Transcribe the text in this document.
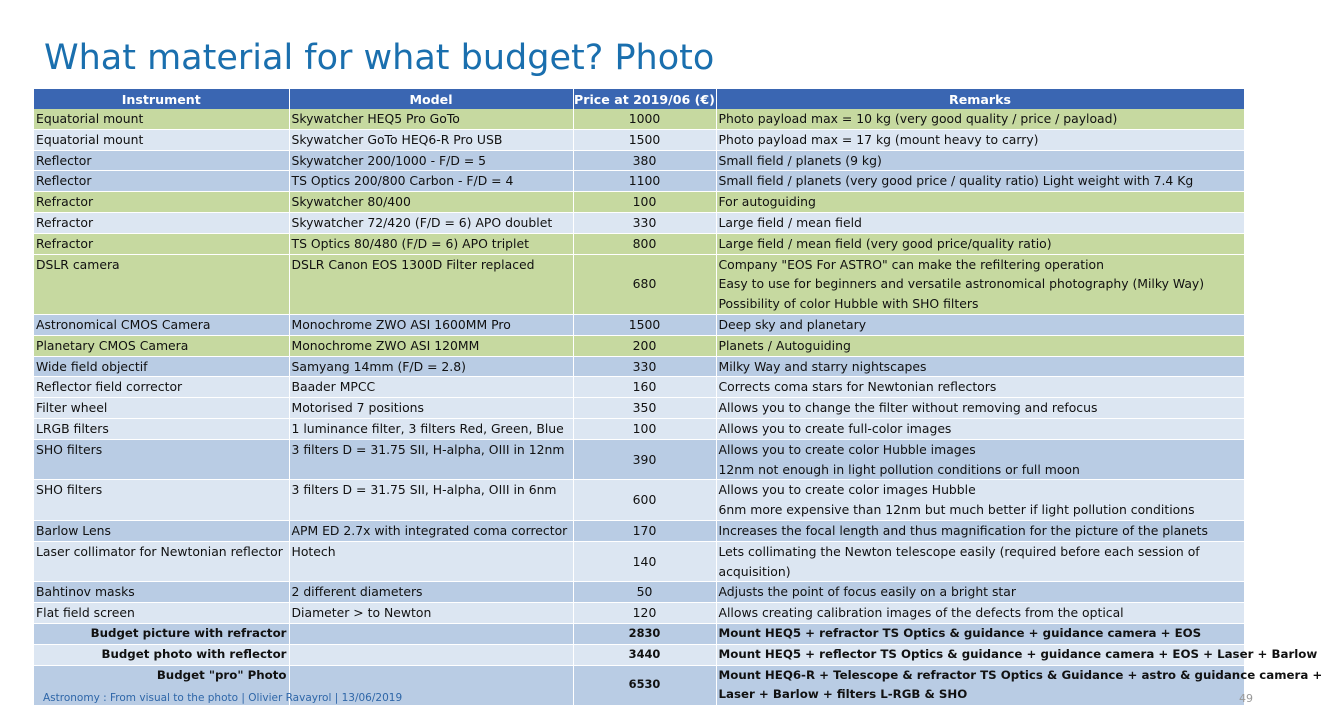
What material for what budget? Photo
Instrument	Model	Price at 2019/06 (€)	Remarks
Equatorial mount	Skywatcher HEQ5 Pro GoTo	1000	Photo payload max = 10 kg (very good quality / price / payload)

Equatorial mount	Skywatcher GoTo HEQ6-R Pro USB	1500	Photo payload max = 17 kg (mount heavy to carry)

Reflector	Skywatcher 200/1000 - F/D = 5	380	Small field / planets (9 kg)

Reflector	TS Optics 200/800 Carbon - F/D = 4	1100	Small field / planets (very good price / quality ratio) Light weight with 7.4 Kg

Refractor	Skywatcher 80/400	100	For autoguiding

Refractor	Skywatcher 72/420 (F/D = 6) APO doublet	330	Large field / mean field

Refractor	TS Optics 80/480 (F/D = 6) APO triplet	800	Large field / mean field (very good price/quality ratio)

DSLR camera	DSLR Canon EOS 1300D Filter replaced	680	Company "EOS For ASTRO" can make the refiltering operation
Easy to use for beginners and versatile astronomical photography (Milky Way)
Possibility of color Hubble with SHO filters

Astronomical CMOS Camera	Monochrome ZWO ASI 1600MM Pro	1500	Deep sky and planetary

Planetary CMOS Camera	Monochrome ZWO ASI 120MM	200	Planets / Autoguiding

Wide field objectif	Samyang 14mm (F/D = 2.8)	330	Milky Way and starry nightscapes

Reflector field corrector	Baader MPCC	160	Corrects coma stars for Newtonian reflectors

Filter wheel	Motorised 7 positions	350	Allows you to change the filter without removing and refocus

LRGB filters	1 luminance filter, 3 filters Red, Green, Blue	100	Allows you to create full-color images

SHO filters	3 filters D = 31.75 SII, H-alpha, OIII in 12nm	390	Allows you to create color Hubble images
12nm not enough in light pollution conditions or full moon

SHO filters	3 filters D = 31.75 SII, H-alpha, OIII in 6nm	600	Allows you to create color images Hubble
6nm more expensive than 12nm but much better if light pollution conditions

Barlow Lens	APM ED 2.7x with integrated coma corrector	170	Increases the focal length and thus magnification for the picture of the planets

Laser collimator for Newtonian reflector	Hotech	140	Lets collimating the Newton telescope easily (required before each session of acquisition)

Bahtinov masks	2 different diameters	50	Adjusts the point of focus easily on a bright star

Flat field screen	Diameter > to Newton	120	Allows creating calibration images of the defects from the optical

Budget picture with refractor		2830	Mount HEQ5 + refractor TS Optics & guidance + guidance camera + EOS

Budget photo with reflector		3440	Mount HEQ5 + reflector TS Optics & guidance + guidance camera + EOS + Laser + Barlow

Budget "pro" Photo		6530	Mount HEQ6-R + Telescope & refractor TS Optics & Guidance + astro & guidance camera +
Laser + Barlow + filters L-RGB & SHO
Astronomy : From visual to the photo | Olivier Ravayrol | 13/06/2019	49
